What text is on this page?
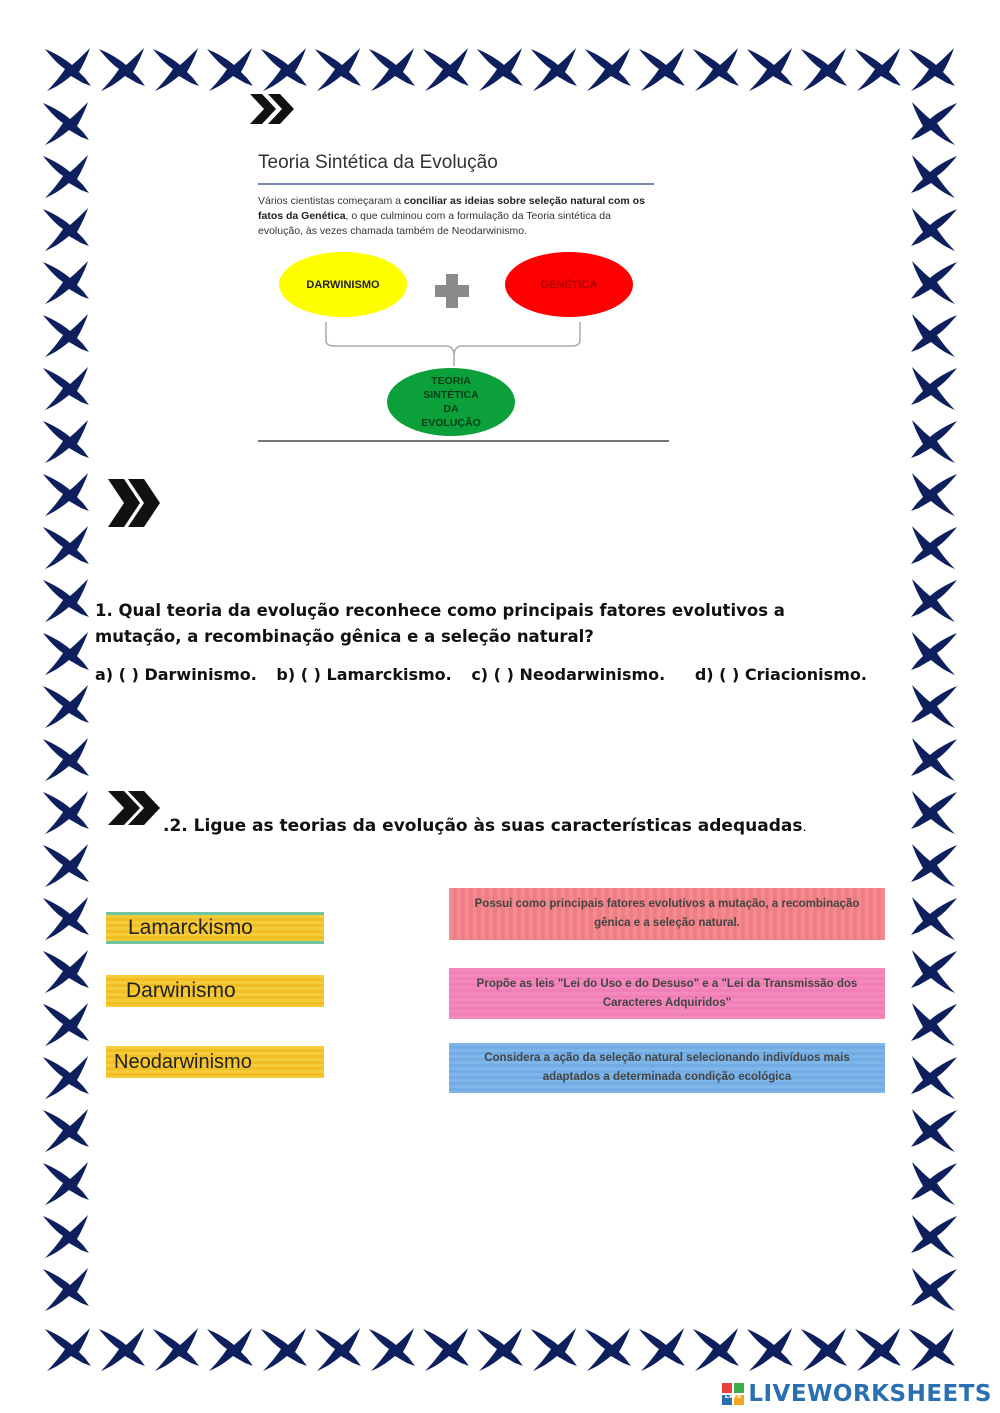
Teoria Sintética da Evolução
Vários cientistas começaram a conciliar as ideias sobre seleção natural com os fatos da Genética, o que culminou com a formulação da Teoria sintética da evolução, às vezes chamada também de Neodarwinismo.
DARWINISMO	GENÉTICA
TEORIA
SINTÉTICA
DA
EVOLUÇÃO
1. Qual teoria da evolução reconhece como principais fatores evolutivos a mutação, a recombinação gênica e a seleção natural?
a) ( ) Darwinismo. b) ( ) Lamarckismo. c) ( ) Neodarwinismo. d) ( ) Criacionismo.
.2. Ligue as teorias da evolução às suas características adequadas.
Lamarckismo
Darwinismo
Neodarwinismo
Possui como principais fatores evolutivos a mutação, a recombinação gênica e a seleção natural.
Propõe as leis "Lei do Uso e do Desuso" e a "Lei da Transmissão dos Caracteres Adquiridos"
Considera a ação da seleção natural selecionando indivíduos mais adaptados a determinada condição ecológica
LWS LIVEWORKSHEETS
